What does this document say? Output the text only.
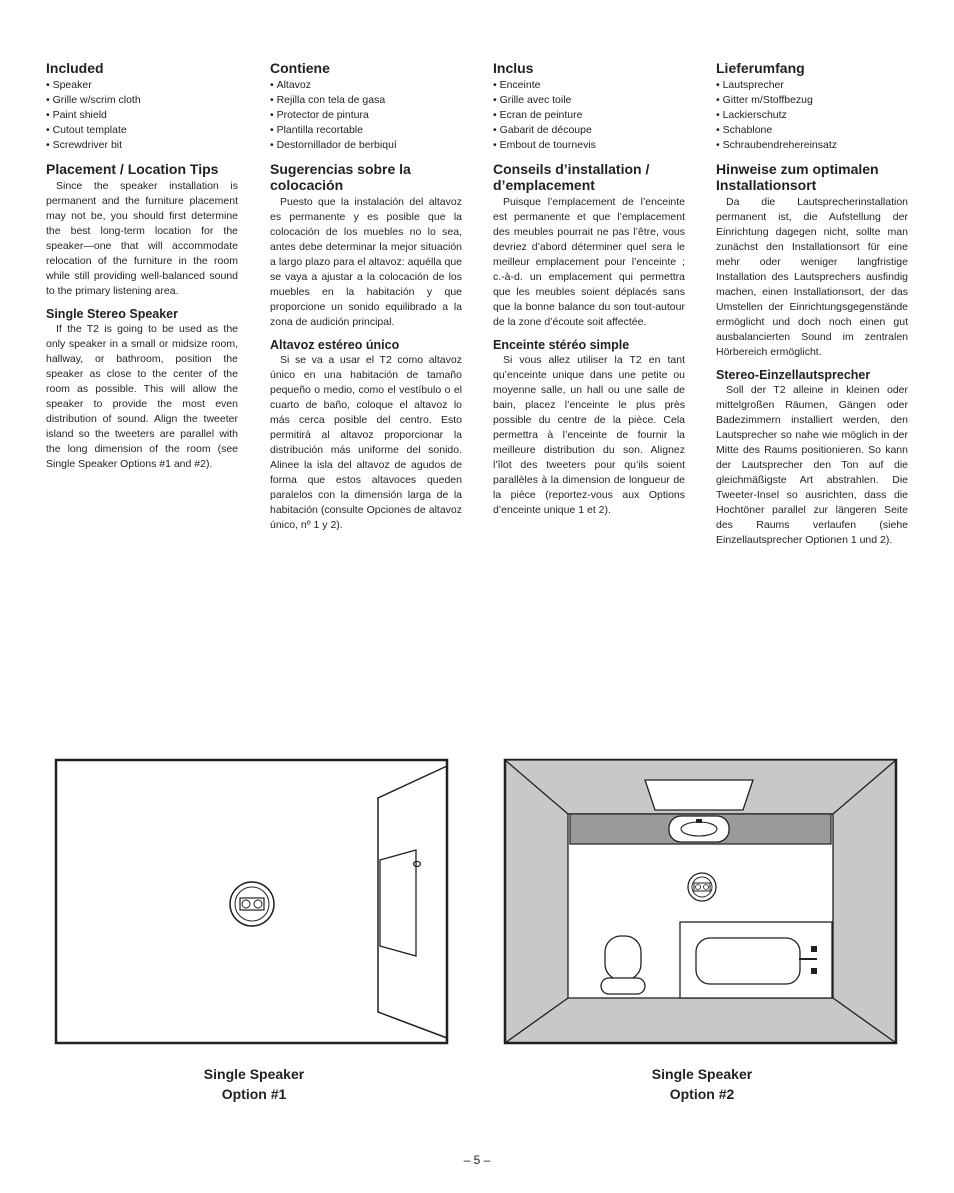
Included
• Speaker
• Grille w/scrim cloth
• Paint shield
• Cutout template
• Screwdriver bit
Placement / Location Tips

Since the speaker installation is permanent and the furniture placement may not be, you should first determine the best long-term location for the speaker—one that will accommodate relocation of the furniture in the room while still providing well-balanced sound to the primary listening area.

Single Stereo Speaker

If the T2 is going to be used as the only speaker in a small or midsize room, hallway, or bathroom, position the speaker as close to the center of the room as possible. This will allow the speaker to provide the most even distribution of sound. Align the tweeter island so the tweeters are parallel with the long dimension of the room (see Single Speaker Options #1 and #2).

Contiene
• Altavoz
• Rejilla con tela de gasa
• Protector de pintura
• Plantilla recortable
• Destornillador de berbiquí
Sugerencias sobre la colocación

Puesto que la instalación del altavoz es permanente y es posible que la colocación de los muebles no lo sea, antes debe determinar la mejor situación a largo plazo para el altavoz: aquélla que se vaya a ajustar a la colocación de los muebles en la habitación y que proporcione un sonido equilibrado a la zona de audición principal.

Altavoz estéreo único

Si se va a usar el T2 como altavoz único en una habitación de tamaño pequeño o medio, como el vestíbulo o el cuarto de baño, coloque el altavoz lo más cerca posible del centro. Esto permitirá al altavoz proporcionar la distribución más uniforme del sonido. Alinee la isla del altavoz de agudos de forma que estos altavoces queden paralelos con la dimensión larga de la habitación (consulte Opciones de altavoz único, nº 1 y 2).

Inclus
• Enceinte
• Grille avec toile
• Ecran de peinture
• Gabarit de découpe
• Embout de tournevis
Conseils d’installation / d’emplacement

Puisque l’emplacement de l’enceinte est permanente et que l’emplacement des meubles pourrait ne pas l’être, vous devriez d’abord déterminer quel sera le meilleur emplacement pour l’enceinte ; c.-à-d. un emplacement qui permettra que les meubles soient déplacés sans que la bonne balance du son tout-autour de la zone d’écoute soit affectée.

Enceinte stéréo simple

Si vous allez utiliser la T2 en tant qu’enceinte unique dans une petite ou moyenne salle, un hall ou une salle de bain, placez l’enceinte le plus près possible du centre de la pièce. Cela permettra à l’enceinte de fournir la meilleure distribution du son. Alignez l’îlot des tweeters pour qu’ils soient parallèles à la dimension de longueur de la pièce (reportez-vous aux Options d’enceinte unique 1 et 2).

Lieferumfang
• Lautsprecher
• Gitter m/Stoffbezug
• Lackierschutz
• Schablone
• Schraubendrehereinsatz
Hinweise zum optimalen Installationsort

Da die Lautsprecherinstallation permanent ist, die Aufstellung der Einrichtung dagegen nicht, sollte man zunächst den Installationsort für eine mehr oder weniger langfristige Installation des Lautsprechers ausfindig machen, einen Installationsort, der das Umstellen der Einrichtungsgegenstände ermöglicht und doch noch einen gut ausbalancierten Sound im zentralen Hörbereich ermöglicht.

Stereo-Einzellautsprecher

Soll der T2 alleine in kleinen oder mittelgroßen Räumen, Gängen oder Badezimmern installiert werden, den Lautsprecher so nahe wie möglich in der Mitte des Raums positionieren. So kann der Lautsprecher den Ton auf die gleichmäßigste Art abstrahlen. Die Tweeter-Insel so ausrichten, dass die Hochtöner parallel zur längeren Seite des Raums verlaufen (siehe Einzellautsprecher Optionen 1 und 2).

Single Speaker
Option #1
Single Speaker
Option #2
– 5 –
